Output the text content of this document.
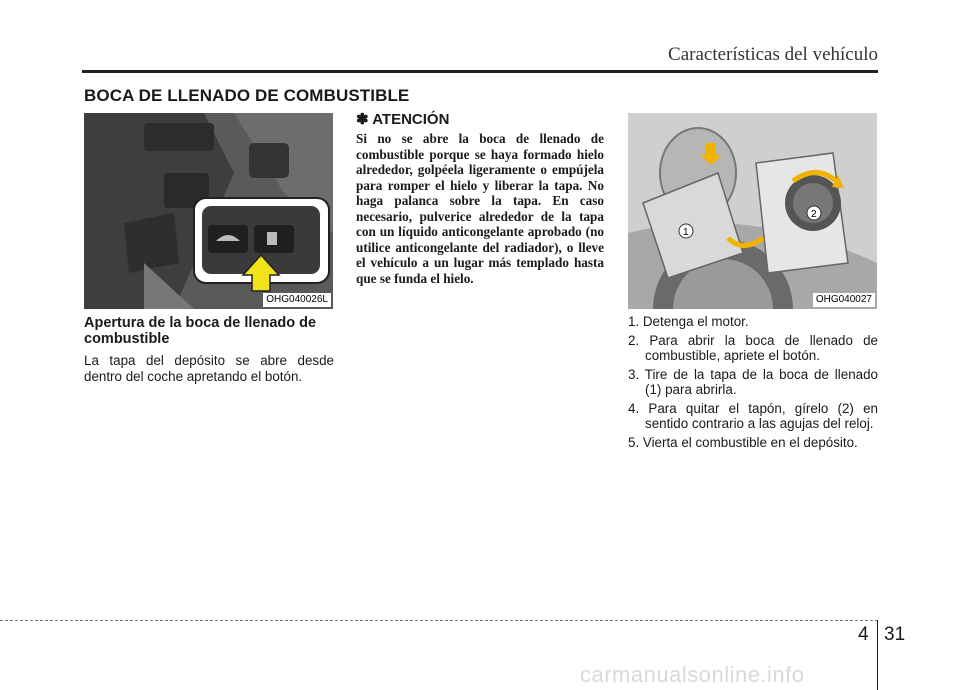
Características del vehículo
BOCA DE LLENADO DE COMBUSTIBLE
OHG040026L

Apertura de la boca de llenado de combustible

La tapa del depósito se abre desde dentro del coche apretando el botón.

✽ ATENCIÓN

Si no se abre la boca de llenado de combustible porque se haya formado hielo alrededor, golpéela ligeramente o empújela para romper el hielo y liberar la tapa. No haga palanca sobre la tapa. En caso necesario, pulverice alrededor de la tapa con un líquido anticongelante aprobado (no utilice anticongelante del radiador), o lleve el vehículo a un lugar más templado hasta que se funda el hielo.

1
2
OHG040027

1. Detenga el motor.

2. Para abrir la boca de llenado de combustible, apriete el botón.

3. Tire de la tapa de la boca de llenado (1) para abrirla.

4. Para quitar el tapón, gírelo (2) en sentido contrario a las agujas del reloj.

5. Vierta el combustible en el depósito.

4 31
carmanualsonline.info
